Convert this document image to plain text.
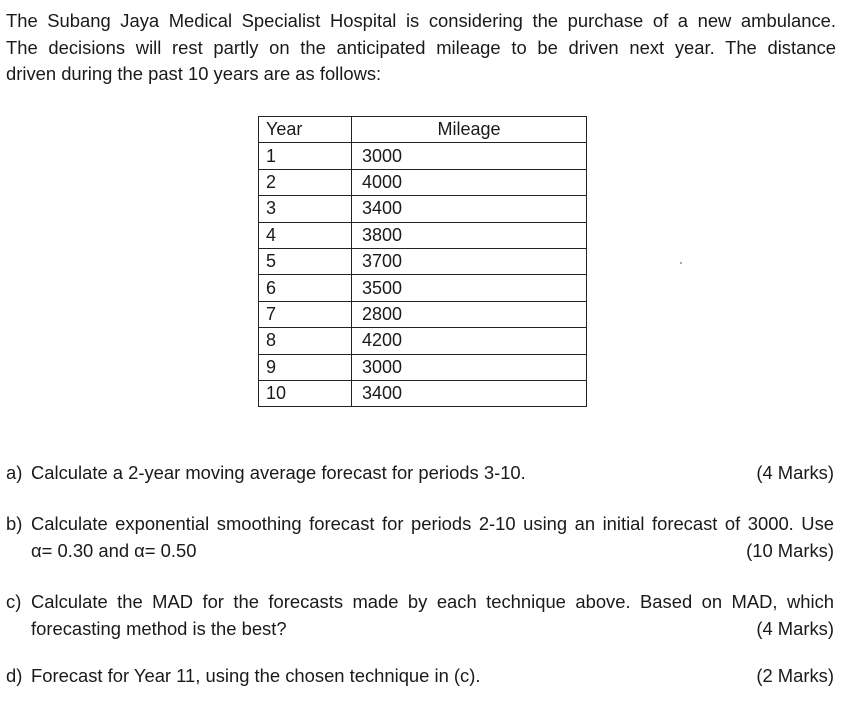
The Subang Jaya Medical Specialist Hospital is considering the purchase of a new ambulance.
The decisions will rest partly on the anticipated mileage to be driven next year. The distance
driven during the past 10 years are as follows:
Year	Mileage
1	3000
2	4000
3	3400
4	3800
5	3700
6	3500
7	2800
8	4200
9	3000
10	3400
a) Calculate a 2-year moving average forecast for periods 3-10.	(4 Marks)
b) Calculate exponential smoothing forecast for periods 2-10 using an initial forecast of 3000. Use
α= 0.30 and α= 0.50	(10 Marks)
c) Calculate the MAD for the forecasts made by each technique above. Based on MAD, which
forecasting method is the best?	(4 Marks)
d) Forecast for Year 11, using the chosen technique in (c).	(2 Marks)
